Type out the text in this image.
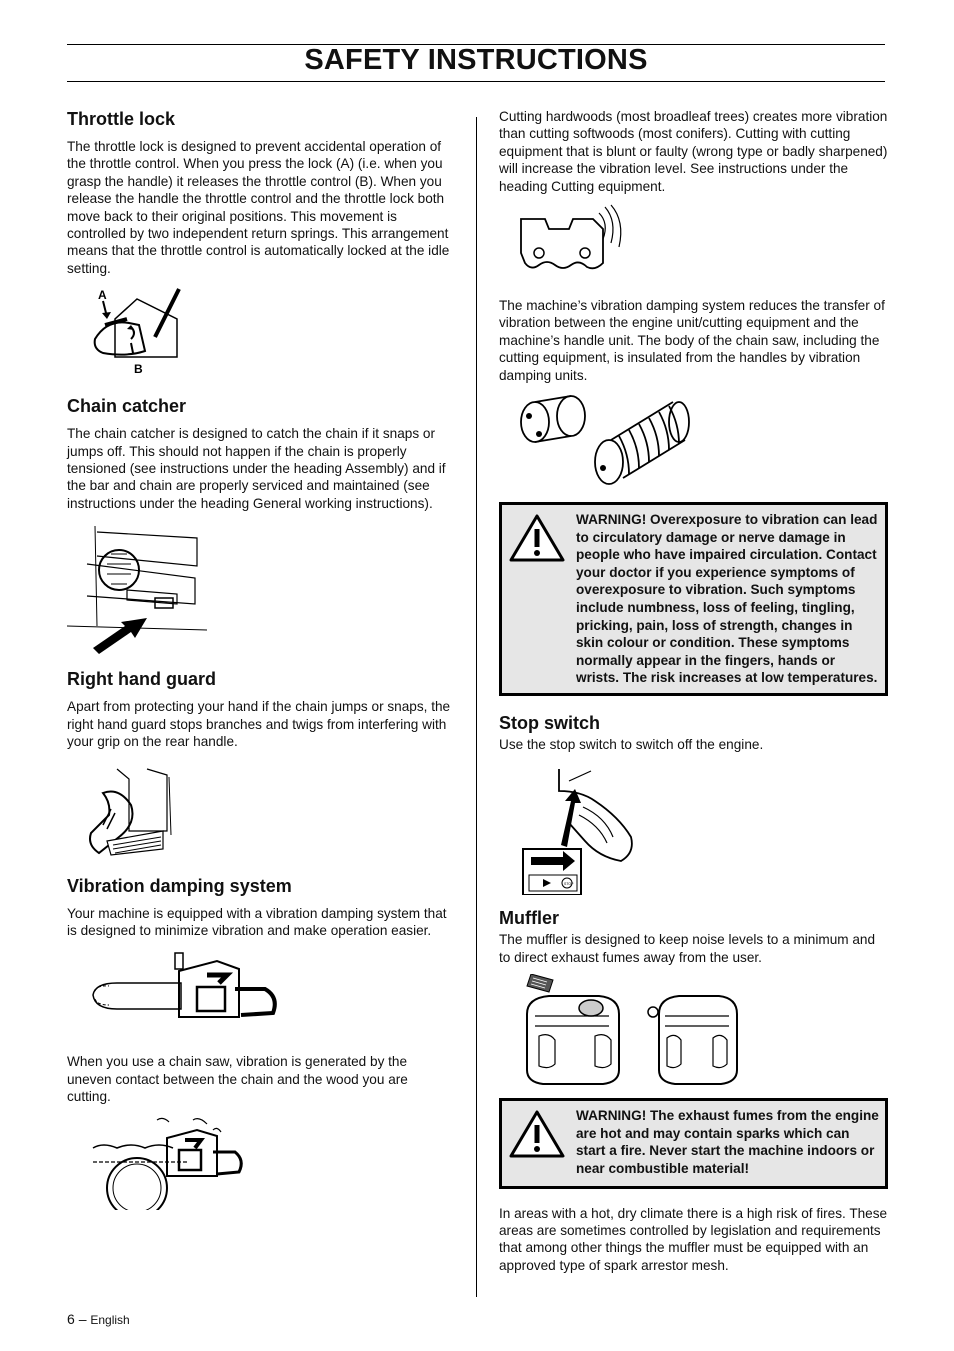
SAFETY INSTRUCTIONS
Throttle lock

The throttle lock is designed to prevent accidental operation of the throttle control. When you press the lock (A) (i.e. when you grasp the handle) it releases the throttle control (B). When you release the handle the throttle control and the throttle lock both move back to their original positions. This movement is controlled by two independent return springs. This arrangement means that the throttle control is automatically locked at the idle setting.

A
B
Chain catcher

The chain catcher is designed to catch the chain if it snaps or jumps off. This should not happen if the chain is properly tensioned (see instructions under the heading Assembly) and if the bar and chain are properly serviced and maintained (see instructions under the heading General working instructions).

Right hand guard

Apart from protecting your hand if the chain jumps or snaps, the right hand guard stops branches and twigs from interfering with your grip on the rear handle.

Vibration damping system

Your machine is equipped with a vibration damping system that is designed to minimize vibration and make operation easier.

When you use a chain saw, vibration is generated by the uneven contact between the chain and the wood you are cutting.

Cutting hardwoods (most broadleaf trees) creates more vibration than cutting softwoods (most conifers). Cutting with cutting equipment that is blunt or faulty (wrong type or badly sharpened) will increase the vibration level. See instructions under the heading Cutting equipment.

The machine’s vibration damping system reduces the transfer of vibration between the engine unit/cutting equipment and the machine’s handle unit. The body of the chain saw, including the cutting equipment, is insulated from the handles by vibration damping units.

WARNING! Overexposure to vibration can lead to circulatory damage or nerve damage in people who have impaired circulation. Contact your doctor if you experience symptoms of overexposure to vibration. Such symptoms include numbness, loss of feeling, tingling, pricking, pain, loss of strength, changes in skin colour or condition. These symptoms normally appear in the fingers, hands or wrists. The risk increases at low temperatures.
Stop switch

Use the stop switch to switch off the engine.

STOP
Muffler

The muffler is designed to keep noise levels to a minimum and to direct exhaust fumes away from the user.

WARNING! The exhaust fumes from the engine are hot and may contain sparks which can start a fire. Never start the machine indoors or near combustible material!

In areas with a hot, dry climate there is a high risk of fires. These areas are sometimes controlled by legislation and requirements that among other things the muffler must be equipped with an approved type of spark arrestor mesh.

6 – English
